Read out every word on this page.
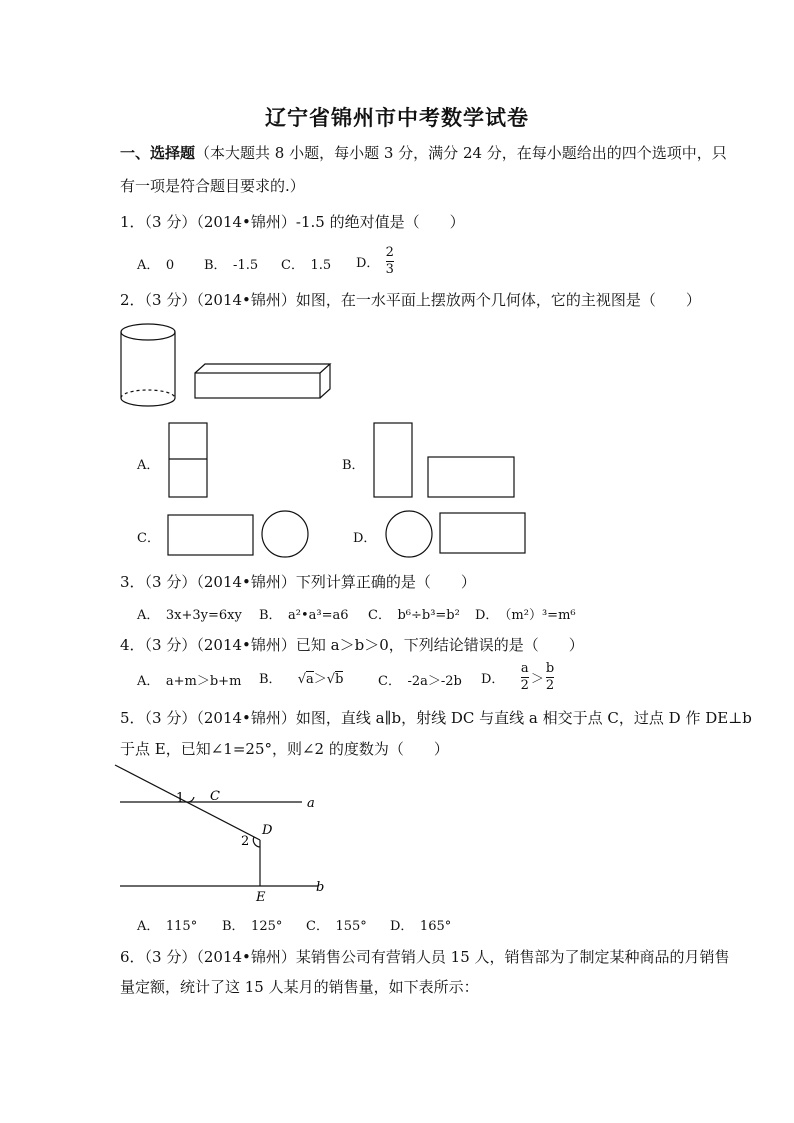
辽宁省锦州市中考数学试卷
一、选择题（本大题共 8 小题，每小题 3 分，满分 24 分，在每小题给出的四个选项中，只
有一项是符合题目要求的.）
1．（3 分）（2014•锦州）-1.5 的绝对值是（　　）
A．　0 B．　-1.5 C．　1.5 D． $\frac{2}{3}$
2．（3 分）（2014•锦州）如图，在一水平面上摆放两个几何体，它的主视图是（　　）
A．	B．
C．	D．
3．（3 分）（2014•锦州）下列计算正确的是（　　）
A．　3x+3y=6xy B．　a²•a³=a6 C．　b⁶÷b³=b² D．　（m²）³=m⁶
4．（3 分）（2014•锦州）已知 a＞b＞0，下列结论错误的是（　　）
A．　a+m＞b+m B． √a＞√b	C．　-2a＞-2b D． $\frac{a}{2} > \frac{b}{2}$
5．（3 分）（2014•锦州）如图，直线 a∥b，射线 DC 与直线 a 相交于点 C，过点 D 作 DE⊥b
于点 E，已知∠1=25°，则∠2 的度数为（　　）
1 C	a
D
2
E
b
A．　115° B．　125° C．　155° D．　165°
6．（3 分）（2014•锦州）某销售公司有营销人员 15 人，销售部为了制定某种商品的月销售
量定额，统计了这 15 人某月的销售量，如下表所示：
